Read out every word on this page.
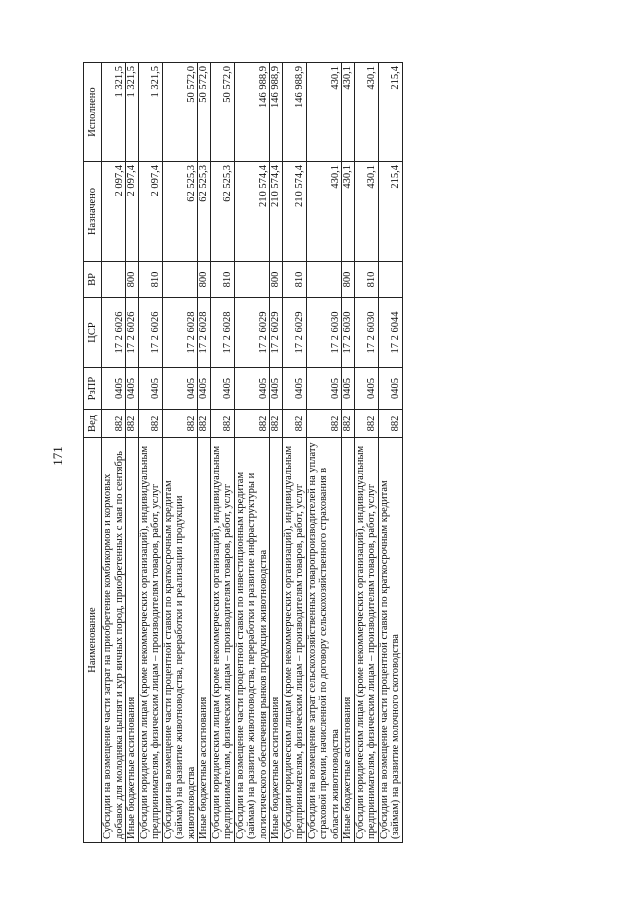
171
Наименование	Вед	РзПР	ЦСР	ВР	Назначено	Исполнено
Субсидии на возмещение части затрат на приобретение комбикормов и кормовых добавок для молодняка цыплят и кур яичных пород, приобретенных с мая по сентябрь	882	0405	17 2 6026		2 097,4	1 321,5
Иные бюджетные ассигнования	882	0405	17 2 6026	800	2 097,4	1 321,5
Субсидии юридическим лицам (кроме некоммерческих организаций), индивидуальным предпринимателям, физическим лицам – производителям товаров, работ, услуг	882	0405	17 2 6026	810	2 097,4	1 321,5
Субсидии на возмещение части процентной ставки по краткосрочным кредитам (займам) на развитие животноводства, переработки и реализации продукции животноводства	882	0405	17 2 6028		62 525,3	50 572,0
Иные бюджетные ассигнования	882	0405	17 2 6028	800	62 525,3	50 572,0
Субсидии юридическим лицам (кроме некоммерческих организаций), индивидуальным предпринимателям, физическим лицам – производителям товаров, работ, услуг	882	0405	17 2 6028	810	62 525,3	50 572,0
Субсидии на возмещение части процентной ставки по инвестиционным кредитам (займам) на развитие животноводства, переработки и развитие инфраструктуры и логистического обеспечения рынков продукции животноводства	882	0405	17 2 6029		210 574,4	146 988,9
Иные бюджетные ассигнования	882	0405	17 2 6029	800	210 574,4	146 988,9
Субсидии юридическим лицам (кроме некоммерческих организаций), индивидуальным предпринимателям, физическим лицам – производителям товаров, работ, услуг	882	0405	17 2 6029	810	210 574,4	146 988,9
Субсидии на возмещение затрат сельскохозяйственных товаропроизводителей на уплату страховой премии, начисленной по договору сельскохозяйственного страхования в области животноводства	882	0405	17 2 6030		430,1	430,1
Иные бюджетные ассигнования	882	0405	17 2 6030	800	430,1	430,1
Субсидии юридическим лицам (кроме некоммерческих организаций), индивидуальным предпринимателям, физическим лицам – производителям товаров, работ, услуг	882	0405	17 2 6030	810	430,1	430,1
Субсидии на возмещение части процентной ставки по краткосрочным кредитам (займам) на развитие молочного скотоводства	882	0405	17 2 6044		215,4	215,4
